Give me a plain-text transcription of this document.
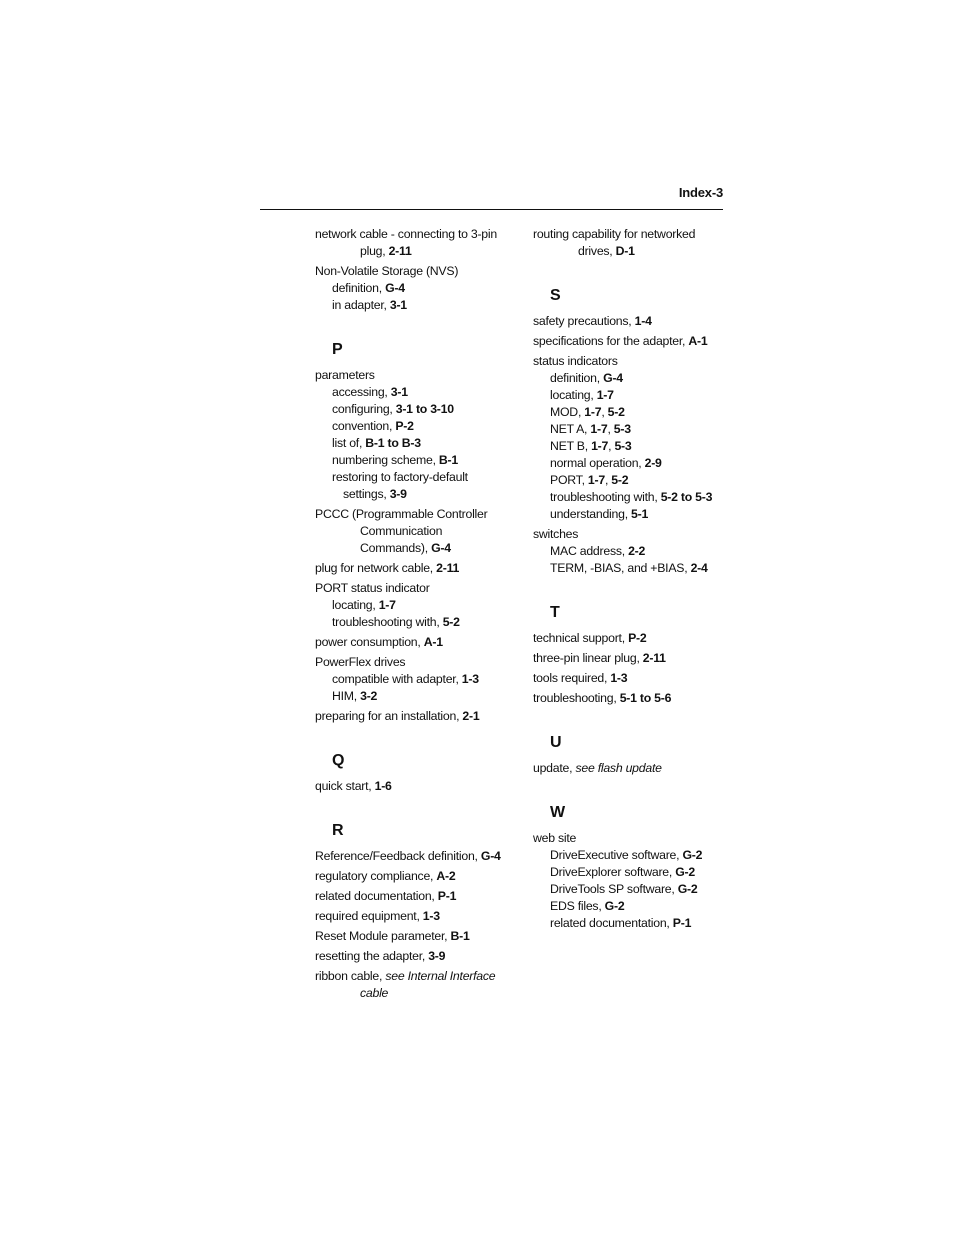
Index-3
network cable - connecting to 3-pin
plug, 2-11
Non-Volatile Storage (NVS)
definition, G-4
in adapter, 3-1
P
parameters
accessing, 3-1
configuring, 3-1 to 3-10
convention, P-2
list of, B-1 to B-3
numbering scheme, B-1
restoring to factory-default
settings, 3-9
PCCC (Programmable Controller
Communication
Commands), G-4
plug for network cable, 2-11
PORT status indicator
locating, 1-7
troubleshooting with, 5-2
power consumption, A-1
PowerFlex drives
compatible with adapter, 1-3
HIM, 3-2
preparing for an installation, 2-1
Q
quick start, 1-6
R
Reference/Feedback definition, G-4
regulatory compliance, A-2
related documentation, P-1
required equipment, 1-3
Reset Module parameter, B-1
resetting the adapter, 3-9
ribbon cable, see Internal Interface
cable
routing capability for networked
drives, D-1
S
safety precautions, 1-4
specifications for the adapter, A-1
status indicators
definition, G-4
locating, 1-7
MOD, 1-7, 5-2
NET A, 1-7, 5-3
NET B, 1-7, 5-3
normal operation, 2-9
PORT, 1-7, 5-2
troubleshooting with, 5-2 to 5-3
understanding, 5-1
switches
MAC address, 2-2
TERM, -BIAS, and +BIAS, 2-4
T
technical support, P-2
three-pin linear plug, 2-11
tools required, 1-3
troubleshooting, 5-1 to 5-6
U
update, see flash update
W
web site
DriveExecutive software, G-2
DriveExplorer software, G-2
DriveTools SP software, G-2
EDS files, G-2
related documentation, P-1
